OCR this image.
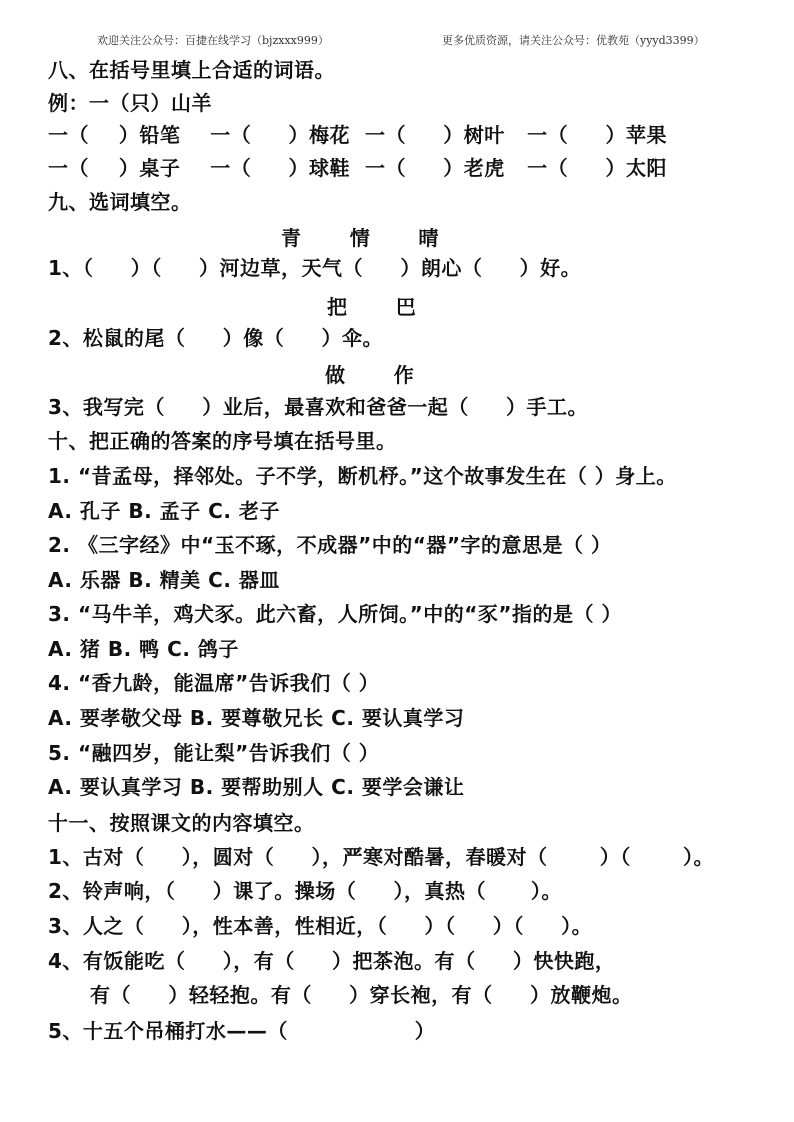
欢迎关注公众号：百捷在线学习（bjzxxx999）	更多优质资源，请关注公众号：优教苑（yyyd3399）
八、在括号里填上合适的词语。
例：一（只）山羊
一（    ）铅笔    一（     ）梅花  一（     ）树叶   一（     ）苹果
一（    ）桌子    一（     ）球鞋  一（     ）老虎   一（     ）太阳
九、选词填空。
青       情       晴
1、（     ）（     ）河边草，天气（     ）朗心（     ）好。
把       巴
2、松鼠的尾（     ）像（     ）伞。
做       作
3、我写完（     ）业后，最喜欢和爸爸一起（     ）手工。
十、把正确的答案的序号填在括号里。
1. “昔孟母，择邻处。子不学，断机杼。”这个故事发生在（ ）身上。
A. 孔子 B. 孟子 C. 老子
2. 《三字经》中“玉不琢，不成器”中的“器”字的意思是（ ）
A. 乐器 B. 精美 C. 器皿
3. “马牛羊，鸡犬豕。此六畜，人所饲。”中的“豕”指的是（ ）
A. 猪 B. 鸭 C. 鸽子
4. “香九龄，能温席”告诉我们（ ）
A. 要孝敬父母 B. 要尊敬兄长 C. 要认真学习
5. “融四岁，能让梨”告诉我们（ ）
A. 要认真学习 B. 要帮助别人 C. 要学会谦让
十一、按照课文的内容填空。
1、古对（     ），圆对（     ），严寒对酷暑，春暖对（       ）（       ）。
2、铃声响，（     ）课了。操场（     ），真热（      ）。
3、人之（     ），性本善，性相近，（     ）（     ）（     ）。
4、有饭能吃（     ），有（     ）把茶泡。有（     ）快快跑，
有（     ）轻轻抱。有（     ）穿长袍，有（     ）放鞭炮。
5、十五个吊桶打水——（                 ）
